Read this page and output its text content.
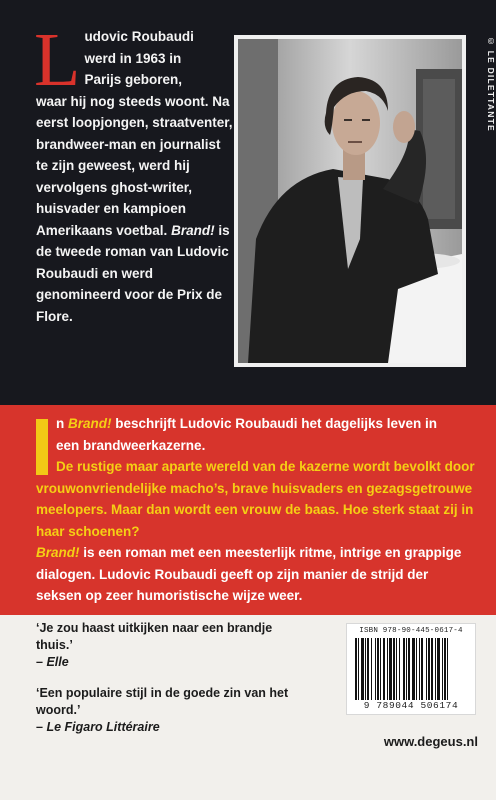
L udovic Roubaudi

werd in 1963 in

Parijs geboren,

waar hij nog steeds woont. Na eerst loopjongen, straatventer, brandweer-man en journalist te zijn geweest, werd hij vervolgens ghost-writer, huisvader en kampioen Amerikaans voetbal. Brand! is de tweede roman van Ludovic Roubaudi en werd genomineerd voor de Prix de Flore.

© LE DILETTANTE

n Brand! beschrijft Ludovic Roubaudi het dagelijks leven in

een brandweerkazerne.

De rustige maar aparte wereld van de kazerne wordt bevolkt door vrouwonvriendelijke macho’s, brave huisvaders en gezagsgetrouwe meelopers. Maar dan wordt een vrouw de baas. Hoe sterk staat zij in haar schoenen?

Brand! is een roman met een meesterlijk ritme, intrige en grappige dialogen. Ludovic Roubaudi geeft op zijn manier de strijd der seksen op zeer humoristische wijze weer.

‘Je zou haast uitkijken naar een brandje thuis.’

– Elle

‘Een populaire stijl in de goede zin van het woord.’

– Le Figaro Littéraire

ISBN 978-90-445-0617-4
9 789044 506174
www.degeus.nl
